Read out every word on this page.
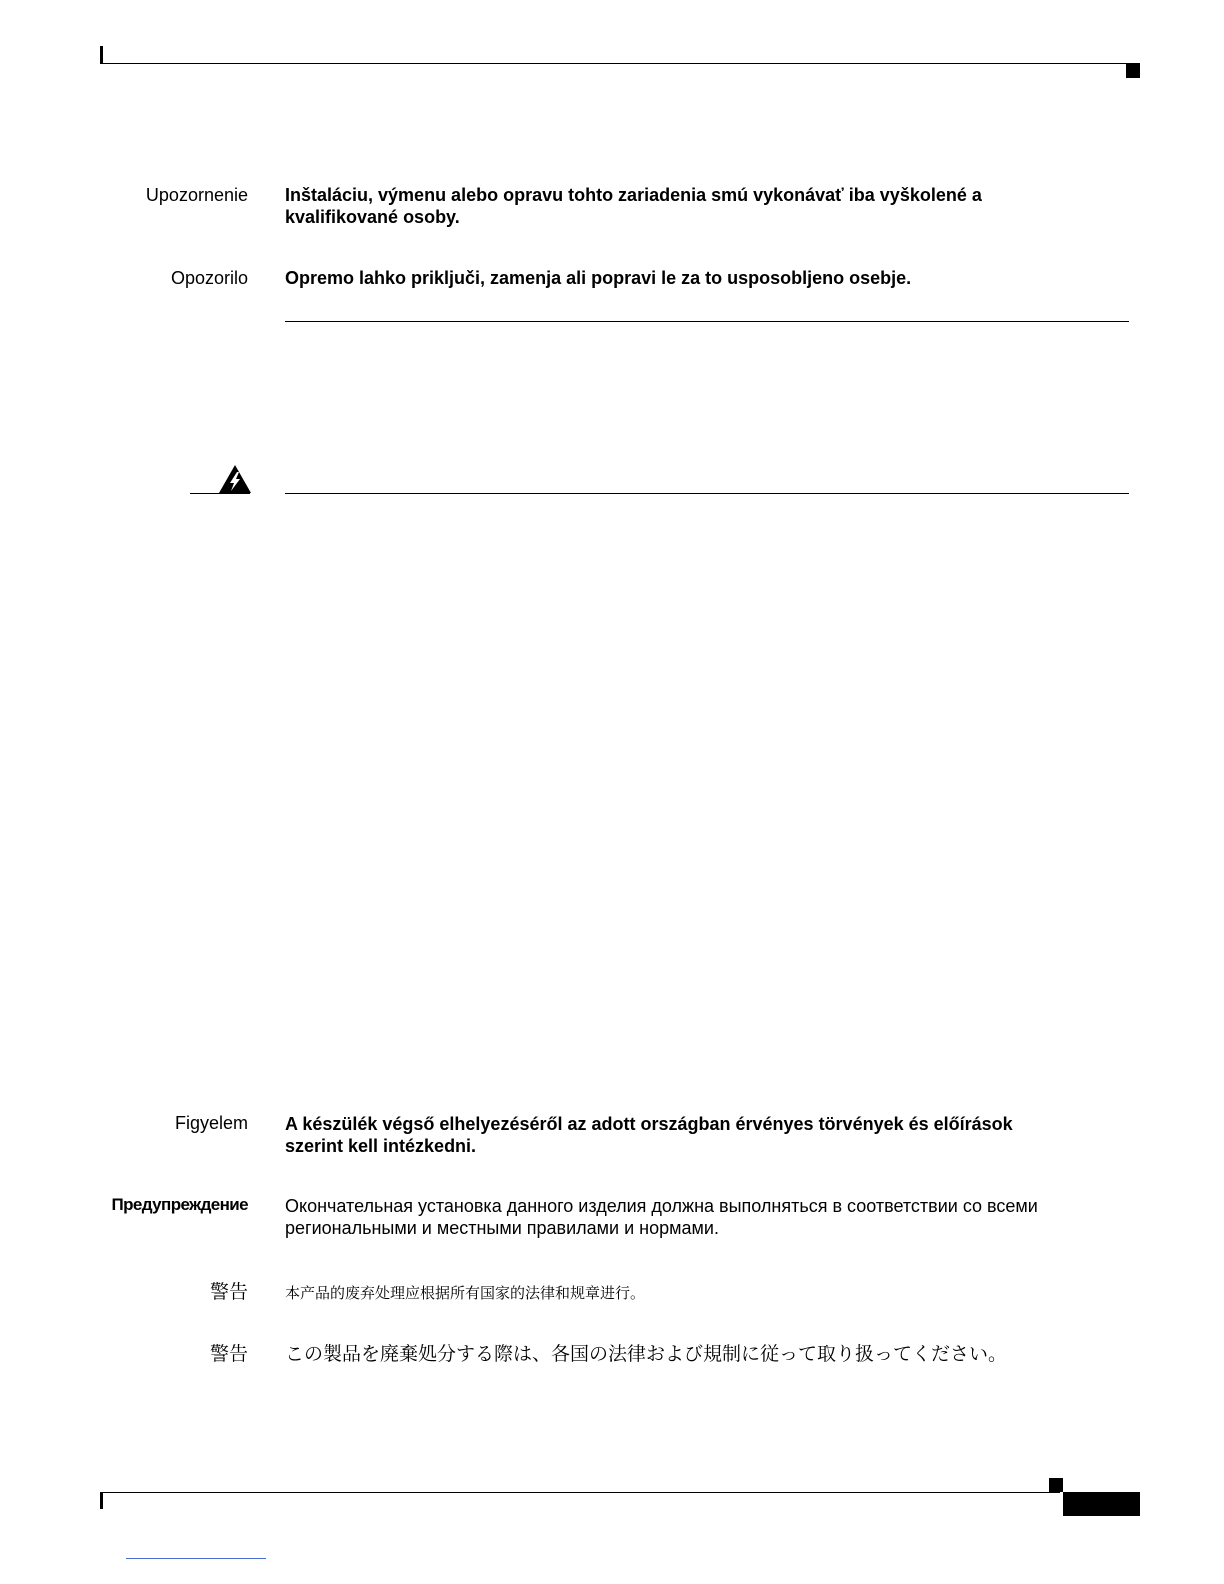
Upozornenie Inštaláciu, výmenu alebo opravu tohto zariadenia smú vykonávať iba vyškolené a kvalifikované osoby.
Opozorilo Opremo lahko priključi, zamenja ali popravi le za to usposobljeno osebje.
Figyelem A készülék végső elhelyezéséről az adott országban érvényes törvények és előírások szerint kell intézkedni.
Предупреждение Окончательная установка данного изделия должна выполняться в соответствии со всеми региональными и местными правилами и нормами.
警告 本产品的废弃处理应根据所有国家的法律和规章进行。
警告 この製品を廃棄処分する際は、各国の法律および規制に従って取り扱ってください。
